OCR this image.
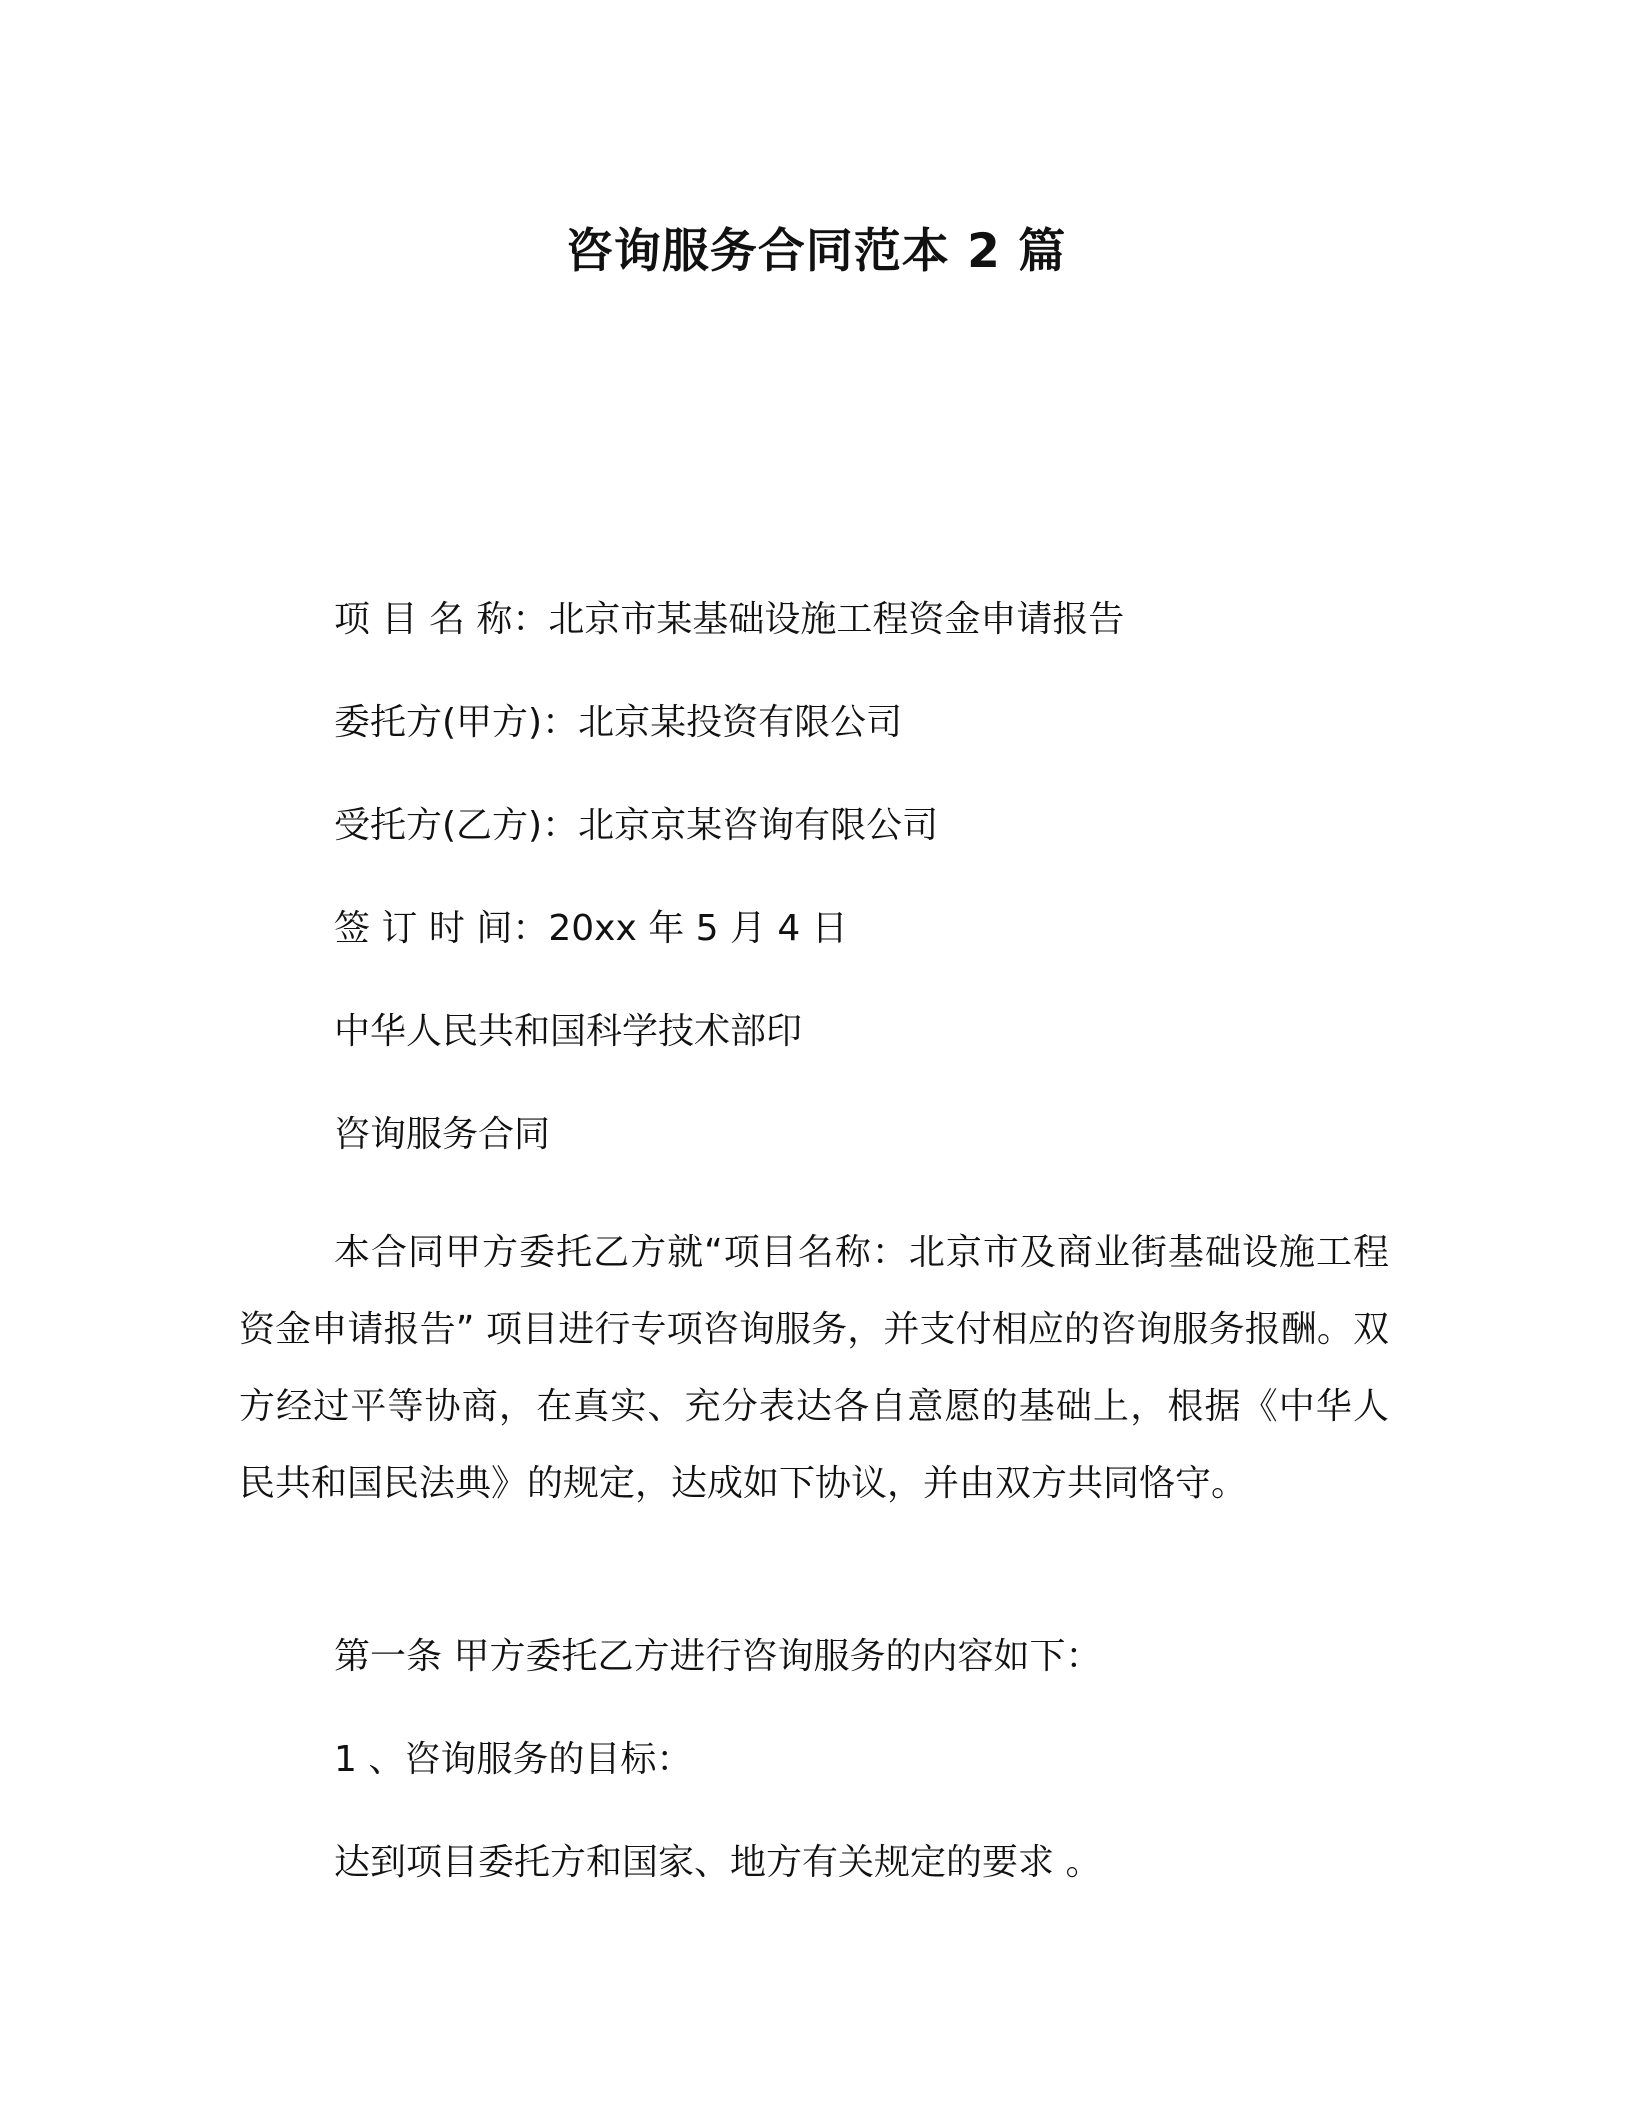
咨询服务合同范本 2 篇
项 目 名 称：北京市某基础设施工程资金申请报告
委托方(甲方)：北京某投资有限公司
受托方(乙方)：北京京某咨询有限公司
签 订 时 间：20xx 年 5 月 4 日
中华人民共和国科学技术部印
咨询服务合同

本合同甲方委托乙方就“项目名称：北京市及商业街基础设施工程资金申请报告” 项目进行专项咨询服务，并支付相应的咨询服务报酬。双方经过平等协商，在真实、充分表达各自意愿的基础上，根据《中华人民共和国民法典》的规定，达成如下协议，并由双方共同恪守。

第一条 甲方委托乙方进行咨询服务的内容如下：
1 、咨询服务的目标：
达到项目委托方和国家、地方有关规定的要求 。
